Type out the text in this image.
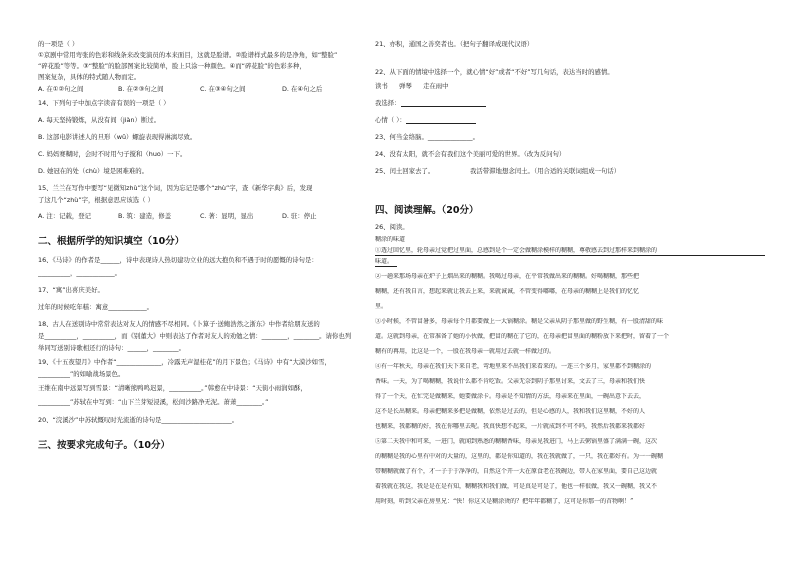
的一项是（ ）
①京剧中常用弯张的色彩和线条来改变演员的本来面目，这就是脸谱。②脸谱样式最多的是净角，如“整脸”
“碎花脸”等等。③“整脸”的脸部图案比较简单，脸上只涂一种颜色。④而“碎花脸”的色彩多种，
图案复杂，具体的特式随人物而定。
A. 在①②句之间	B. 在②③句之间	C. 在③④句之间	D. 在④句之后
14、下列句子中加点字读音有误的一项是（ ）
A. 每天坚持锻炼，从没有间（jiàn）断过。
B. 这部电影讲述人的旦形（wǔ）螺旋表现得淋漓尽致。
C. 妈妈赛糊时，会时不时用勺子搅和（huo）一下。
D. 她冠在的处（chù）境是困难难的。
15、兰兰在写作中要写“见微知zhù”这个词，因为忘记是哪个“zhù”字，查《新华字典》后，发现
了这几个“zhù”字，根据意思应该选（ ）
A. 注：记载，登记	B. 筑：建造，修盖	C. 著：显明，显出	D. 驻：停止
二、根据所学的知识填空（10分）
16、《马诗》的作者是______，诗中表现诗人热切建功立业的远大抱负和不遇于时的愿慨的诗句是：
__________，____________。
17、“寓”出喜庆美好。
过年的时候吃年糕：寓意____________。
18、古人在送别诗中常常表达对友人的情感不尽相同。《卜算子·送鲍浩然之浙东》中作者给朋友送的
是__________，__________，而《别董大》中则表达了作者对友人的劝勉之情：________，________。请你也列
举同写送别诗歌相还行的诗句：______，________。
19、《十五夜望月》中作者“______________，冷露无声湿桂花”的月下景色；《马诗》中有“大漠沙如雪，
__________”的如喻战场景色。
王维在南中远景写到雪景：“清晰熊鸭鸣迟景，__________。”韩愈在中诗景：“天街小雨润如酥，
__________”苏轼在中写到：“山下兰芽短浸溪，松间沙路净无泥。萧萧________。”
20、“浣溪沙”中苏轼慨叹时光流逝的诗句是______________________。
三、按要求完成句子。（10分）
21、亦积，通国之善奕者也。（把句子翻译成现代汉语）
22、从下面的情境中选择一个，就心情“好”或者“不好”写几句话，表达当时的感情。
读书	弹琴	走在雨中
我选择：
心情（ ）：
23、何当金络脑。______________。
24、没有太阳，就不会有我们这个美丽可爱的世界。（改为反问句）
25、闰土回家去了。	我活带滞地想念闰土。（用合适的关联词组成一句话）
四、阅读理解。（20分）
26、阅读。
糊涂的味道
①透过回忆里，轮母亲过觉把过里面，总感到是个一定会做糊涂模样的糊糊，尊敬感去到过那样来到糊涂的
味道。
②一趟来那场母亲在炉子上烟出来的糊糊。我喝过母亲，在平常我做出来的糊糊。好喝糊糊，那些把
糊糊，还有我自言，想起来就让我去上来，来就诚诚，不管变得嘟嘟，在母亲的糊糊上是我们的忆忆
里。
③小时候，不管冒暑多，母亲每个月都要做上一大锅糊涂。糊是父亲从阴子那里做的野生糊，有一股清甜的味
道。这就到母亲，在常准备了她的小伙做，把冒的糊在了它的，在母亲把冒里面的糊粉放下来把时，留着了一个
糊有的再用，比这是一个，一股在我母亲一就用过去就一样做过的。
④有一年秋天，母亲在我们天下来自老，弯地里来不出我们来看来的。一连三个多月，家里都不到糊涂的
香味。一天，为了喝糊糊，我说什么都不肯吃饭。父亲无奈到阴子那里讨来，文去了三，母亲和我们快
得了一个天，在忙完是做糊来，她要做涂卡。母亲是不知情的方法，母亲来在里面，一碗出意下去去，
这不是长出糊来。母亲把糊来多把是做糊，依然是过去的，但是心感的人，我和我们这里糊，不好的人
也糊来，我都糊的好，我在你哪里去呢。我真快想不起来，一片就成到不可不吗，我然后我都来我都好
⑤第二天我中和可来，一进门，就闻到熟悉的糊糊香味，母亲见我进门，马上去粥锅里盛了满满一碗，这次
的糊糊是我的心里有中对的大量的，这里的，都是你知道的，我在我就做了，一只，我在都好有。为一一碗糊
带糊糊就做了有个，才一子于于净净的，自然这个开一大在原食老在我碗边，带人在家里面，要自己这边就
着我就在我这，我是是在是有知，糊糊我和我们做，可是真是可是了，他也一样很做，我又一碗糊，我又不
用时刻，听到父亲在房里兄：“快！你这又是糊涂烫的？把年年都糊了，这可是你那一的首物啊！”
